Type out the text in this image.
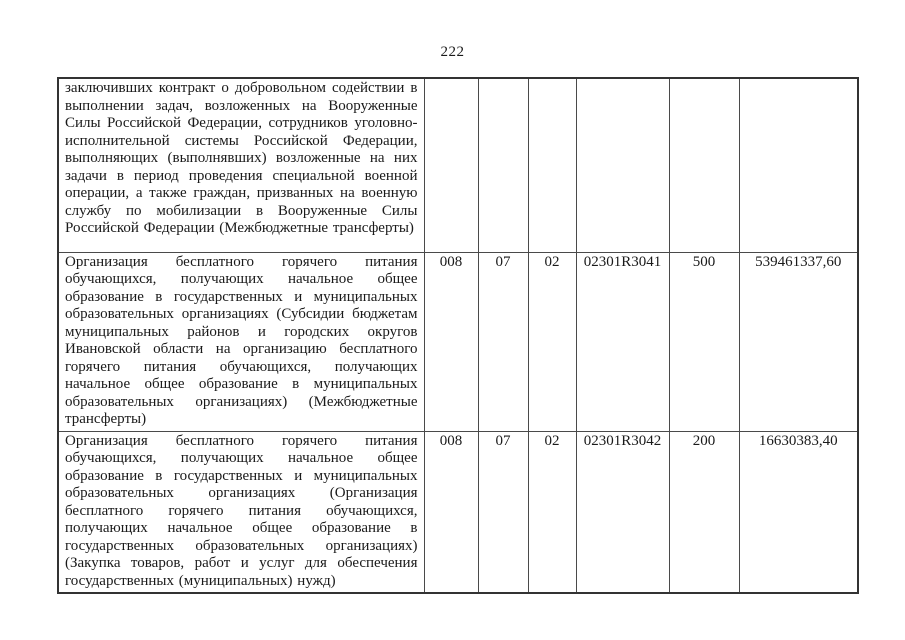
222
заключивших контракт о добровольном содействии в выполнении задач, возложенных на Вооруженные Силы Российской Федерации, сотрудников уголовно-исполнительной системы Российской Федерации, выполняющих (выполнявших) возложенные на них задачи в период проведения специальной военной операции, а также граждан, призванных на военную службу по мобилизации в Вооруженные Силы Российской Федерации (Межбюджетные трансферты)						
Организация бесплатного горячего питания обучающихся, получающих начальное общее образование в государственных и муниципальных образовательных организациях (Субсидии бюджетам муниципальных районов и городских округов Ивановской области на организацию бесплатного горячего питания обучающихся, получающих начальное общее образование в муниципальных образовательных организациях) (Межбюджетные трансферты)	008	07	02	02301R3041	500	539461337,60
Организация бесплатного горячего питания обучающихся, получающих начальное общее образование в государственных и муниципальных образовательных организациях (Организация бесплатного горячего питания обучающихся, получающих начальное общее образование в государственных образовательных организациях) (Закупка товаров, работ и услуг для обеспечения государственных (муниципальных) нужд)	008	07	02	02301R3042	200	16630383,40
